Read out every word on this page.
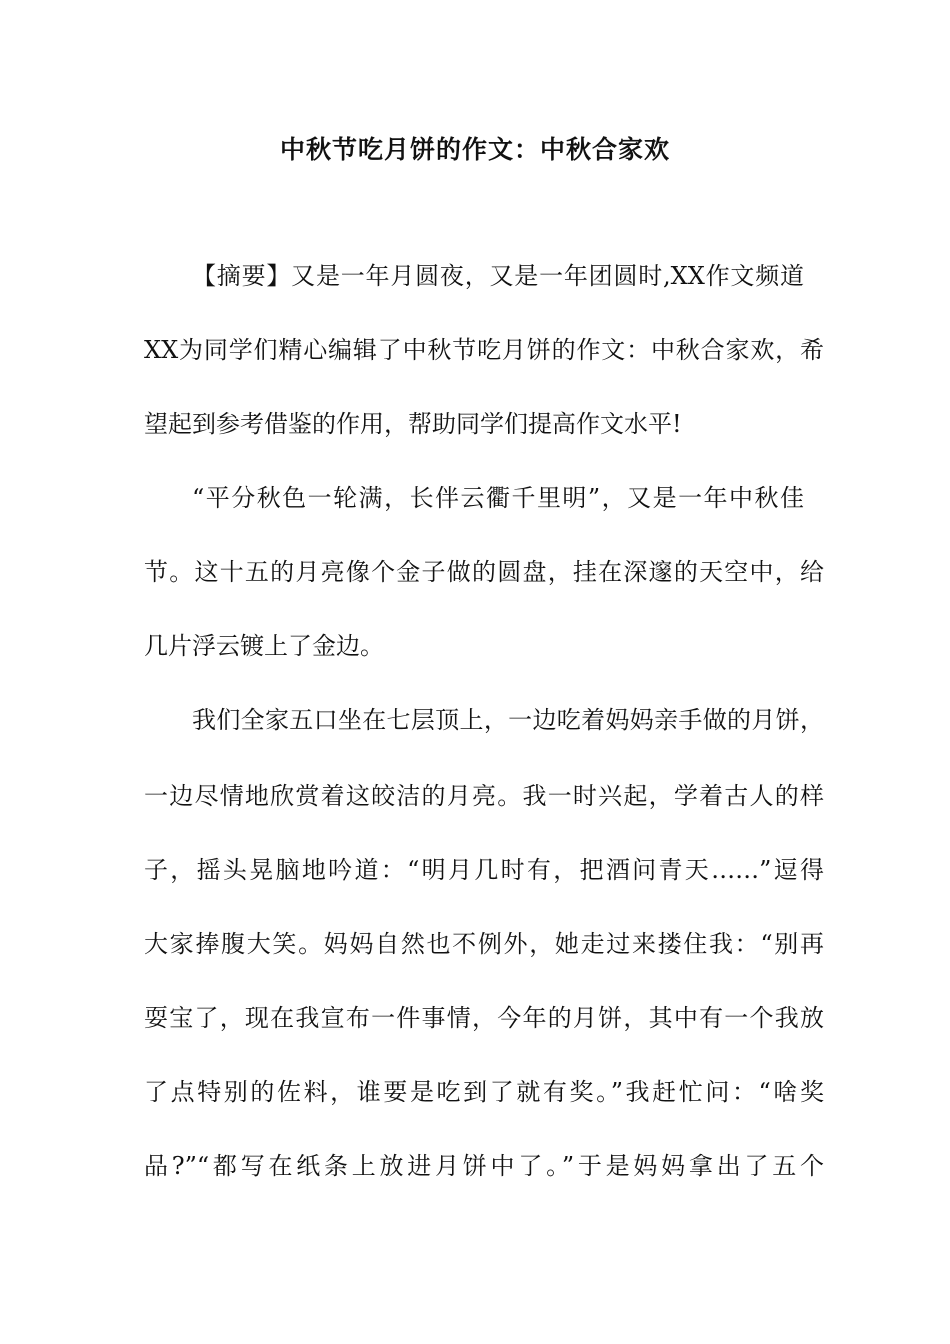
中秋节吃月饼的作文：中秋合家欢
【摘要】又是一年月圆夜，又是一年团圆时,XX作文频道
XX为同学们精心编辑了中秋节吃月饼的作文：中秋合家欢，希
望起到参考借鉴的作用，帮助同学们提高作文水平!
“平分秋色一轮满，长伴云衢千里明”，又是一年中秋佳
节。这十五的月亮像个金子做的圆盘，挂在深邃的天空中，给
几片浮云镀上了金边。
我们全家五口坐在七层顶上，一边吃着妈妈亲手做的月饼，
一边尽情地欣赏着这皎洁的月亮。我一时兴起，学着古人的样
子，摇头晃脑地吟道：“明月几时有，把酒问青天……”逗得
大家捧腹大笑。妈妈自然也不例外，她走过来搂住我：“别再
耍宝了，现在我宣布一件事情，今年的月饼，其中有一个我放
了点特别的佐料，谁要是吃到了就有奖。”我赶忙问：“啥奖
品?”“都写在纸条上放进月饼中了。”于是妈妈拿出了五个
